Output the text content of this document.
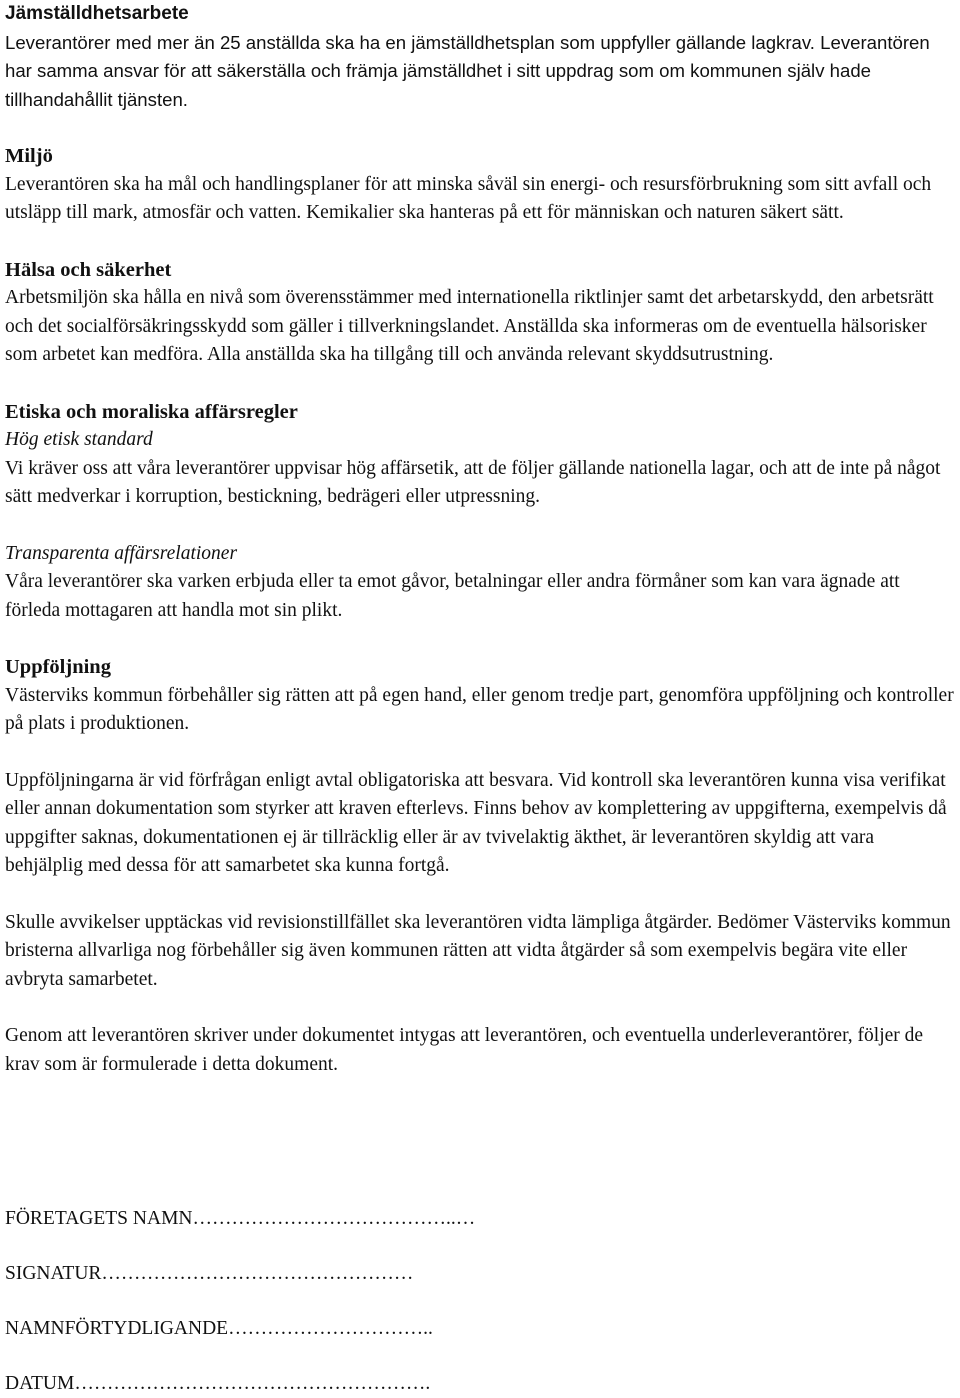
Jämställdhetsarbete

Leverantörer med mer än 25 anställda ska ha en jämställdhetsplan som uppfyller gällande lagkrav. Leverantören har samma ansvar för att säkerställa och främja jämställdhet i sitt uppdrag som om kommunen själv hade tillhandahållit tjänsten.

Miljö

Leverantören ska ha mål och handlingsplaner för att minska såväl sin energi- och resursförbrukning som sitt avfall och utsläpp till mark, atmosfär och vatten. Kemikalier ska hanteras på ett för människan och naturen säkert sätt.

Hälsa och säkerhet

Arbetsmiljön ska hålla en nivå som överensstämmer med internationella riktlinjer samt det arbetarskydd, den arbetsrätt och det socialförsäkringsskydd som gäller i tillverkningslandet. Anställda ska informeras om de eventuella hälsorisker som arbetet kan medföra. Alla anställda ska ha tillgång till och använda relevant skyddsutrustning.

Etiska och moraliska affärsregler

Hög etisk standard

Vi kräver oss att våra leverantörer uppvisar hög affärsetik, att de följer gällande nationella lagar, och att de inte på något sätt medverkar i korruption, bestickning, bedrägeri eller utpressning.

Transparenta affärsrelationer

Våra leverantörer ska varken erbjuda eller ta emot gåvor, betalningar eller andra förmåner som kan vara ägnade att förleda mottagaren att handla mot sin plikt.

Uppföljning

Västerviks kommun förbehåller sig rätten att på egen hand, eller genom tredje part, genomföra uppföljning och kontroller på plats i produktionen.

Uppföljningarna är vid förfrågan enligt avtal obligatoriska att besvara. Vid kontroll ska leverantören kunna visa verifikat eller annan dokumentation som styrker att kraven efterlevs. Finns behov av komplettering av uppgifterna, exempelvis då uppgifter saknas, dokumentationen ej är tillräcklig eller är av tvivelaktig äkthet, är leverantören skyldig att vara behjälplig med dessa för att samarbetet ska kunna fortgå.

Skulle avvikelser upptäckas vid revisionstillfället ska leverantören vidta lämpliga åtgärder. Bedömer Västerviks kommun bristerna allvarliga nog förbehåller sig även kommunen rätten att vidta åtgärder så som exempelvis begära vite eller avbryta samarbetet.

Genom att leverantören skriver under dokumentet intygas att leverantören, och eventuella underleverantörer, följer de krav som är formulerade i detta dokument.

FÖRETAGETS NAMN…………………………………..…
SIGNATUR…………………………………………
NAMNFÖRTYDLIGANDE…………………………..
DATUM……………………………………………….
